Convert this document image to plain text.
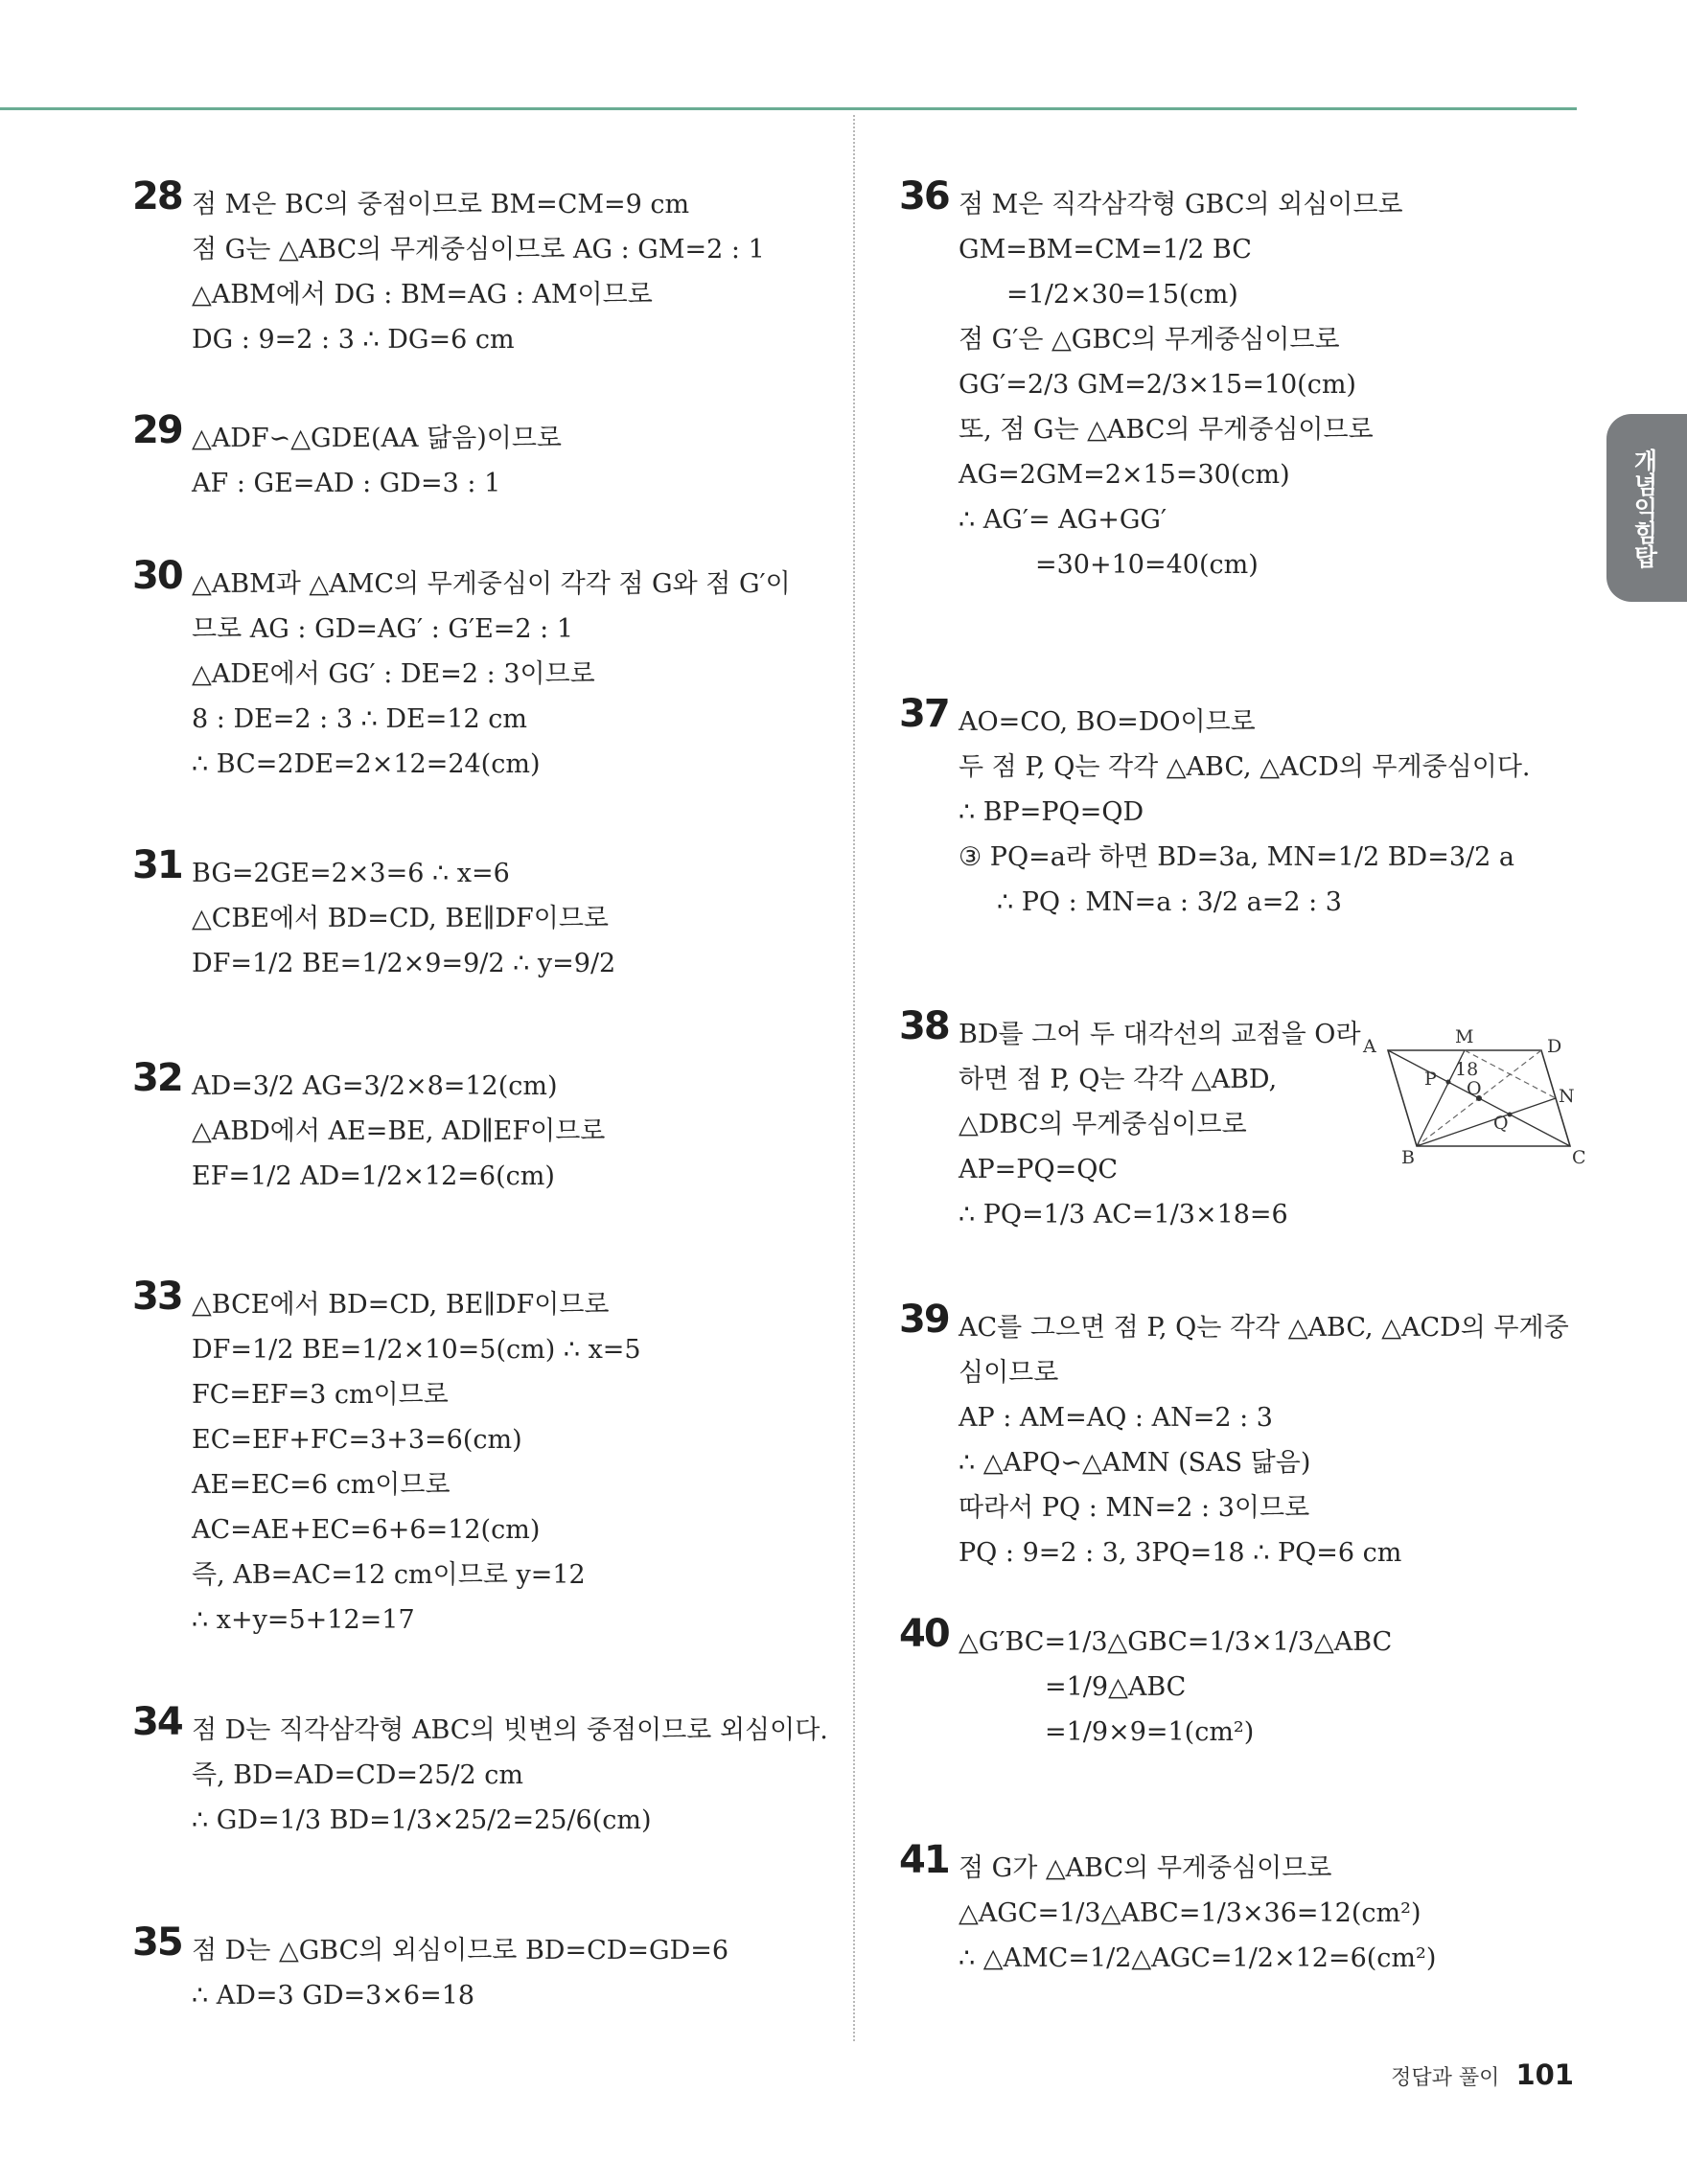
28 점 M은 BC의 중점이므로 BM=CM=9 cm
점 G는 △ABC의 무게중심이므로 AG : GM=2 : 1
△ABM에서 DG : BM=AG : AM이므로
DG : 9=2 : 3 ∴ DG=6 cm
29 △ADF∽△GDE(AA 닮음)이므로
AF : GE=AD : GD=3 : 1
30 △ABM과 △AMC의 무게중심이 각각 점 G와 점 G′이
므로 AG : GD=AG′ : G′E=2 : 1
△ADE에서 GG′ : DE=2 : 3이므로
8 : DE=2 : 3 ∴ DE=12 cm
∴ BC=2DE=2×12=24(cm)
31 BG=2GE=2×3=6 ∴ x=6
△CBE에서 BD=CD, BE∥DF이므로
DF=1/2 BE=1/2×9=9/2 ∴ y=9/2
32 AD=3/2 AG=3/2×8=12(cm)
△ABD에서 AE=BE, AD∥EF이므로
EF=1/2 AD=1/2×12=6(cm)
33 △BCE에서 BD=CD, BE∥DF이므로
DF=1/2 BE=1/2×10=5(cm) ∴ x=5
FC=EF=3 cm이므로
EC=EF+FC=3+3=6(cm)
AE=EC=6 cm이므로
AC=AE+EC=6+6=12(cm)
즉, AB=AC=12 cm이므로 y=12
∴ x+y=5+12=17
34 점 D는 직각삼각형 ABC의 빗변의 중점이므로 외심이다.
즉, BD=AD=CD=25/2 cm
∴ GD=1/3 BD=1/3×25/2=25/6(cm)
35 점 D는 △GBC의 외심이므로 BD=CD=GD=6
∴ AD=3 GD=3×6=18
36 점 M은 직각삼각형 GBC의 외심이므로
GM=BM=CM=1/2 BC
=1/2×30=15(cm)
점 G′은 △GBC의 무게중심이므로
GG′=2/3 GM=2/3×15=10(cm)
또, 점 G는 △ABC의 무게중심이므로
AG=2GM=2×15=30(cm)
∴ AG′= AG+GG′
=30+10=40(cm)
37 AO=CO, BO=DO이므로
두 점 P, Q는 각각 △ABC, △ACD의 무게중심이다.
∴ BP=PQ=QD
③ PQ=a라 하면 BD=3a, MN=1/2 BD=3/2 a
∴ PQ : MN=a : 3/2 a=2 : 3
38 BD를 그어 두 대각선의 교점을 O라
하면 점 P, Q는 각각 △ABD,
△DBC의 무게중심이므로
AP=PQ=QC
∴ PQ=1/3 AC=1/3×18=6
39 AC를 그으면 점 P, Q는 각각 △ABC, △ACD의 무게중
심이므로
AP : AM=AQ : AN=2 : 3
∴ △APQ∽△AMN (SAS 닮음)
따라서 PQ : MN=2 : 3이므로
PQ : 9=2 : 3, 3PQ=18 ∴ PQ=6 cm
40 △G′BC=1/3△GBC=1/3×1/3△ABC
=1/9△ABC
=1/9×9=1(cm²)
41 점 G가 △ABC의 무게중심이므로
△AGC=1/3△ABC=1/3×36=12(cm²)
∴ △AMC=1/2△AGC=1/2×12=6(cm²)
A	M	D
18
N
P O
Q
B	C
개념익힘탑
정답과 풀이 101
